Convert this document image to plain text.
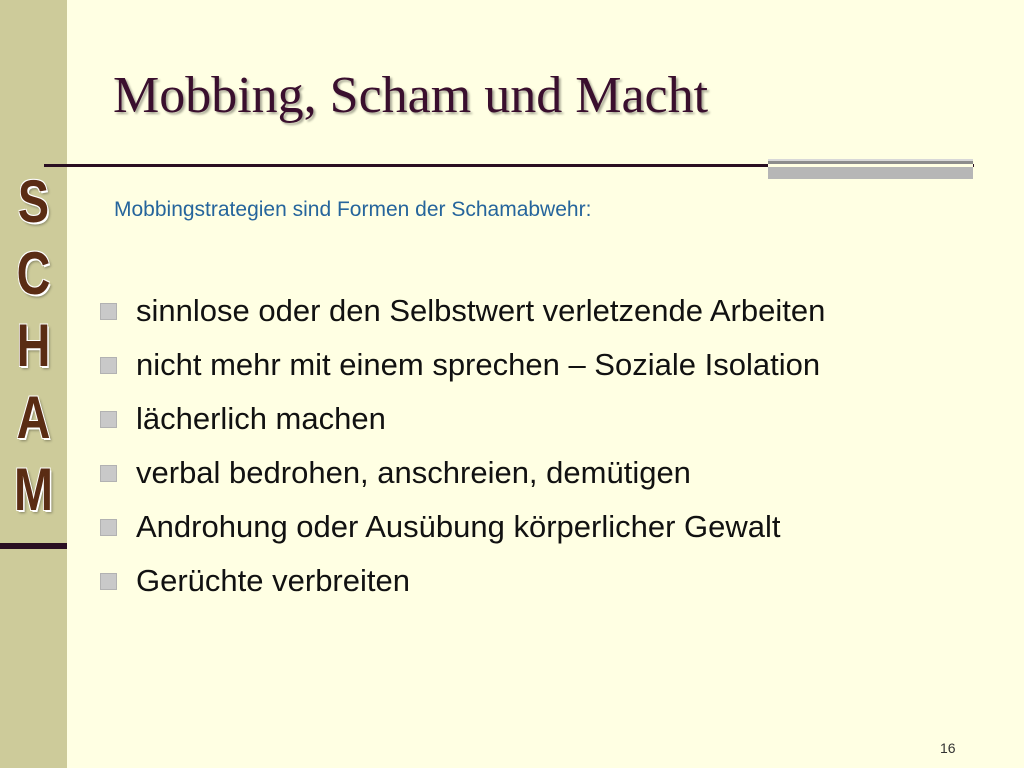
S
C
H
A
M
Mobbing, Scham und Macht
Mobbingstrategien sind Formen der Schamabwehr:
sinnlose oder den Selbstwert verletzende Arbeiten
nicht mehr mit einem sprechen – Soziale Isolation
lächerlich machen
verbal bedrohen, anschreien, demütigen
Androhung oder Ausübung körperlicher Gewalt
Gerüchte verbreiten
16
